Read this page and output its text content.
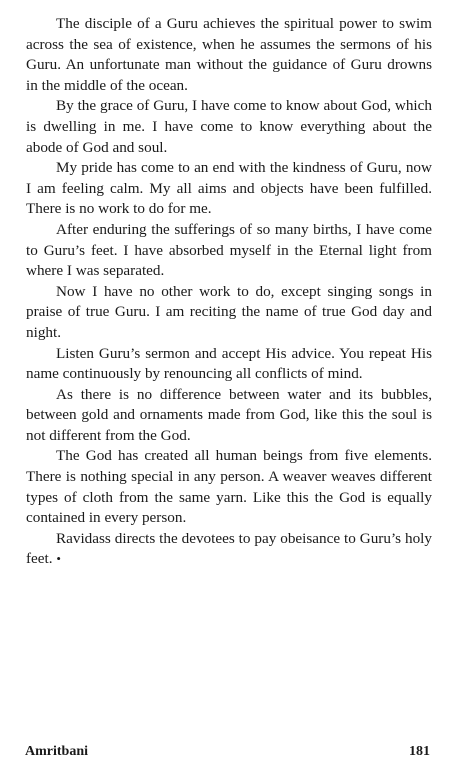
The disciple of a Guru achieves the spiritual power to swim across the sea of existence, when he assumes the sermons of his Guru. An unfortunate man without the guidance of Guru drowns in the middle of the ocean.

By the grace of Guru, I have come to know about God, which is dwelling in me. I have come to know everything about the abode of God and soul.

My pride has come to an end with the kindness of Guru, now I am feeling calm. My all aims and objects have been fulfilled. There is no work to do for me.

After enduring the sufferings of so many births, I have come to Guru’s feet. I have absorbed myself in the Eternal light from where I was separated.

Now I have no other work to do, except singing songs in praise of true Guru. I am reciting the name of true God day and night.

Listen Guru’s sermon and accept His advice. You repeat His name continuously by renouncing all conflicts of mind.

As there is no difference between water and its bubbles, between gold and ornaments made from God, like this the soul is not different from the God.

The God has created all human beings from five elements. There is nothing special in any person. A weaver weaves different types of cloth from the same yarn. Like this the God is equally contained in every person.

Ravidass directs the devotees to pay obeisance to Guru’s holy feet. •

Amritbani	181
